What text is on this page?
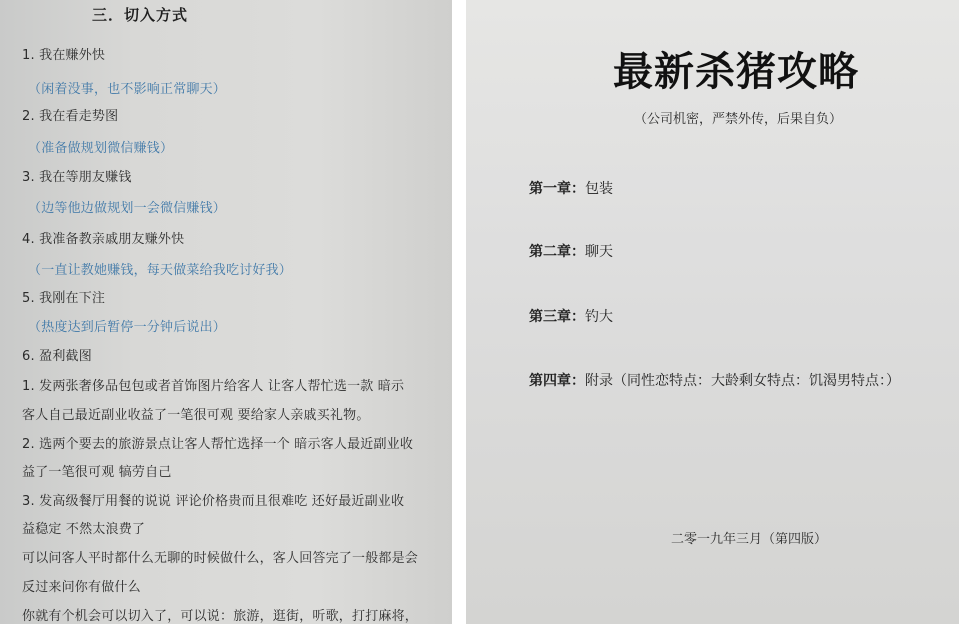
三．切入方式
1. 我在赚外快
（闲着没事，也不影响正常聊天）
2. 我在看走势图
（准备做规划微信赚钱）
3. 我在等朋友赚钱
（边等他边做规划一会微信赚钱）
4. 我准备教亲戚朋友赚外快
（一直让教她赚钱，每天做菜给我吃讨好我）
5. 我刚在下注
（热度达到后暂停一分钟后说出）
6. 盈利截图
1. 发两张奢侈品包包或者首饰图片给客人 让客人帮忙选一款 暗示
客人自己最近副业收益了一笔很可观 要给家人亲戚买礼物。
2. 选两个要去的旅游景点让客人帮忙选择一个 暗示客人最近副业收
益了一笔很可观 犒劳自己
3. 发高级餐厅用餐的说说 评论价格贵而且很难吃 还好最近副业收
益稳定 不然太浪费了
可以问客人平时都什么无聊的时候做什么，客人回答完了一般都是会
反过来问你有做什么
你就有个机会可以切入了，可以说：旅游，逛街，听歌，打打麻将，
最新杀猪攻略
（公司机密，严禁外传，后果自负）
第一章：包装
第二章：聊天
第三章：钓大
第四章：附录（同性恋特点：大龄剩女特点：饥渴男特点：）
二零一九年三月（第四版）
